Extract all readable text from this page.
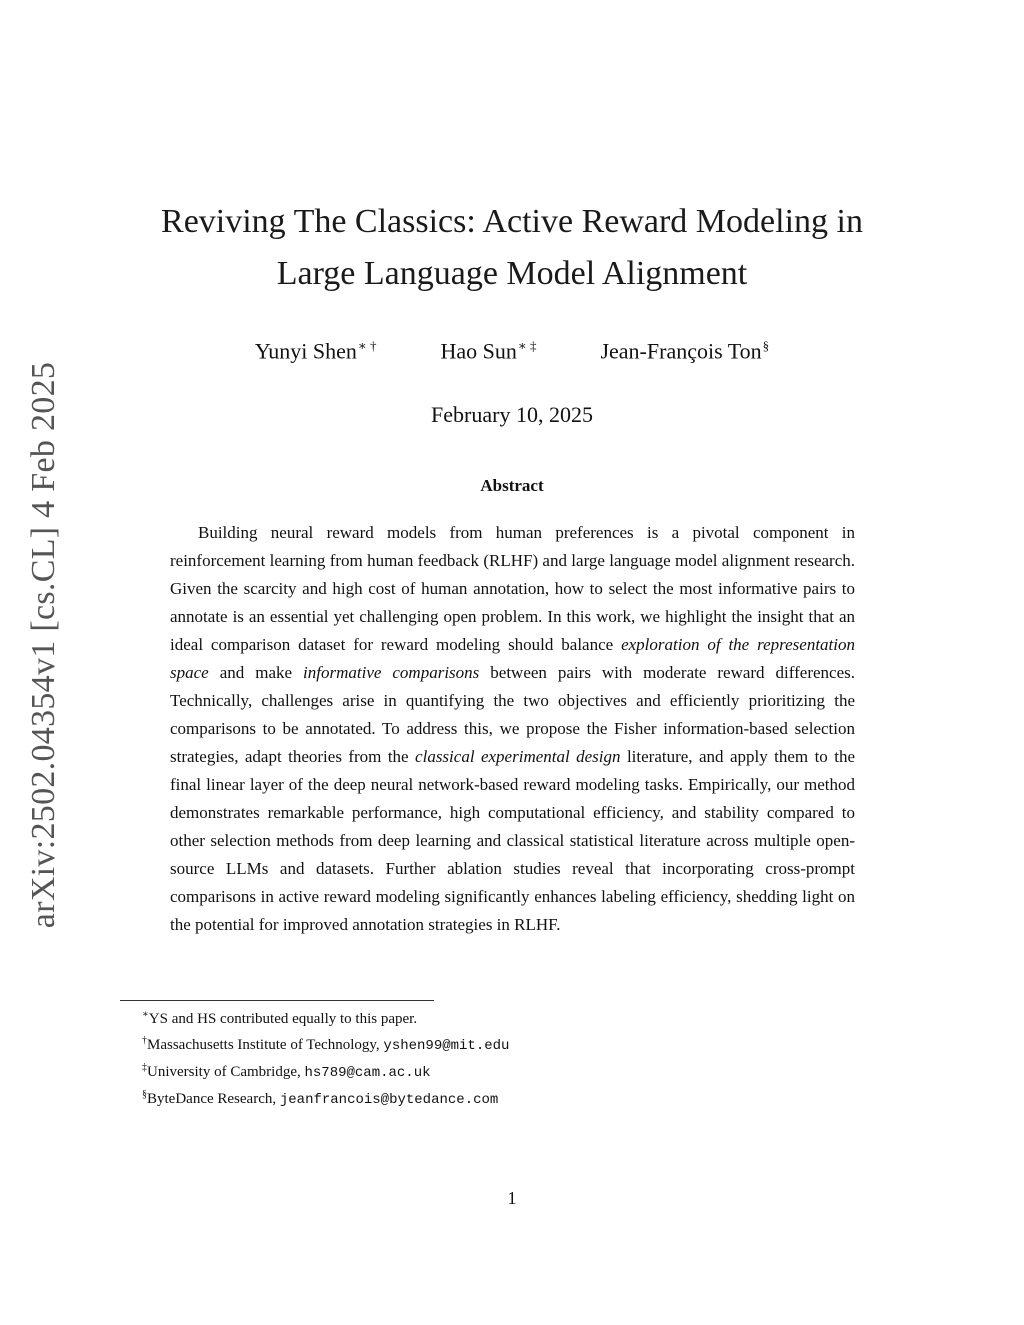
arXiv:2502.04354v1 [cs.CL] 4 Feb 2025
Reviving The Classics: Active Reward Modeling in
Large Language Model Alignment
Yunyi Shen∗ †	Hao Sun∗ ‡	Jean-François Ton§
February 10, 2025
Abstract

Building neural reward models from human preferences is a pivotal component in reinforcement learning from human feedback (RLHF) and large language model alignment research. Given the scarcity and high cost of human annotation, how to select the most informative pairs to annotate is an essential yet challenging open problem. In this work, we highlight the insight that an ideal comparison dataset for reward modeling should balance exploration of the representation space and make informative comparisons between pairs with moderate reward differences. Technically, challenges arise in quantifying the two objectives and efficiently prioritizing the comparisons to be annotated. To address this, we propose the Fisher information-based selection strategies, adapt theories from the classical experimental design literature, and apply them to the final linear layer of the deep neural network-based reward modeling tasks. Empirically, our method demonstrates remarkable performance, high computational efficiency, and stability compared to other selection methods from deep learning and classical statistical literature across multiple open-source LLMs and datasets. Further ablation studies reveal that incorporating cross-prompt comparisons in active reward modeling significantly enhances labeling efficiency, shedding light on the potential for improved annotation strategies in RLHF.

∗YS and HS contributed equally to this paper.
†Massachusetts Institute of Technology, yshen99@mit.edu
‡University of Cambridge, hs789@cam.ac.uk
§ByteDance Research, jeanfrancois@bytedance.com
1
